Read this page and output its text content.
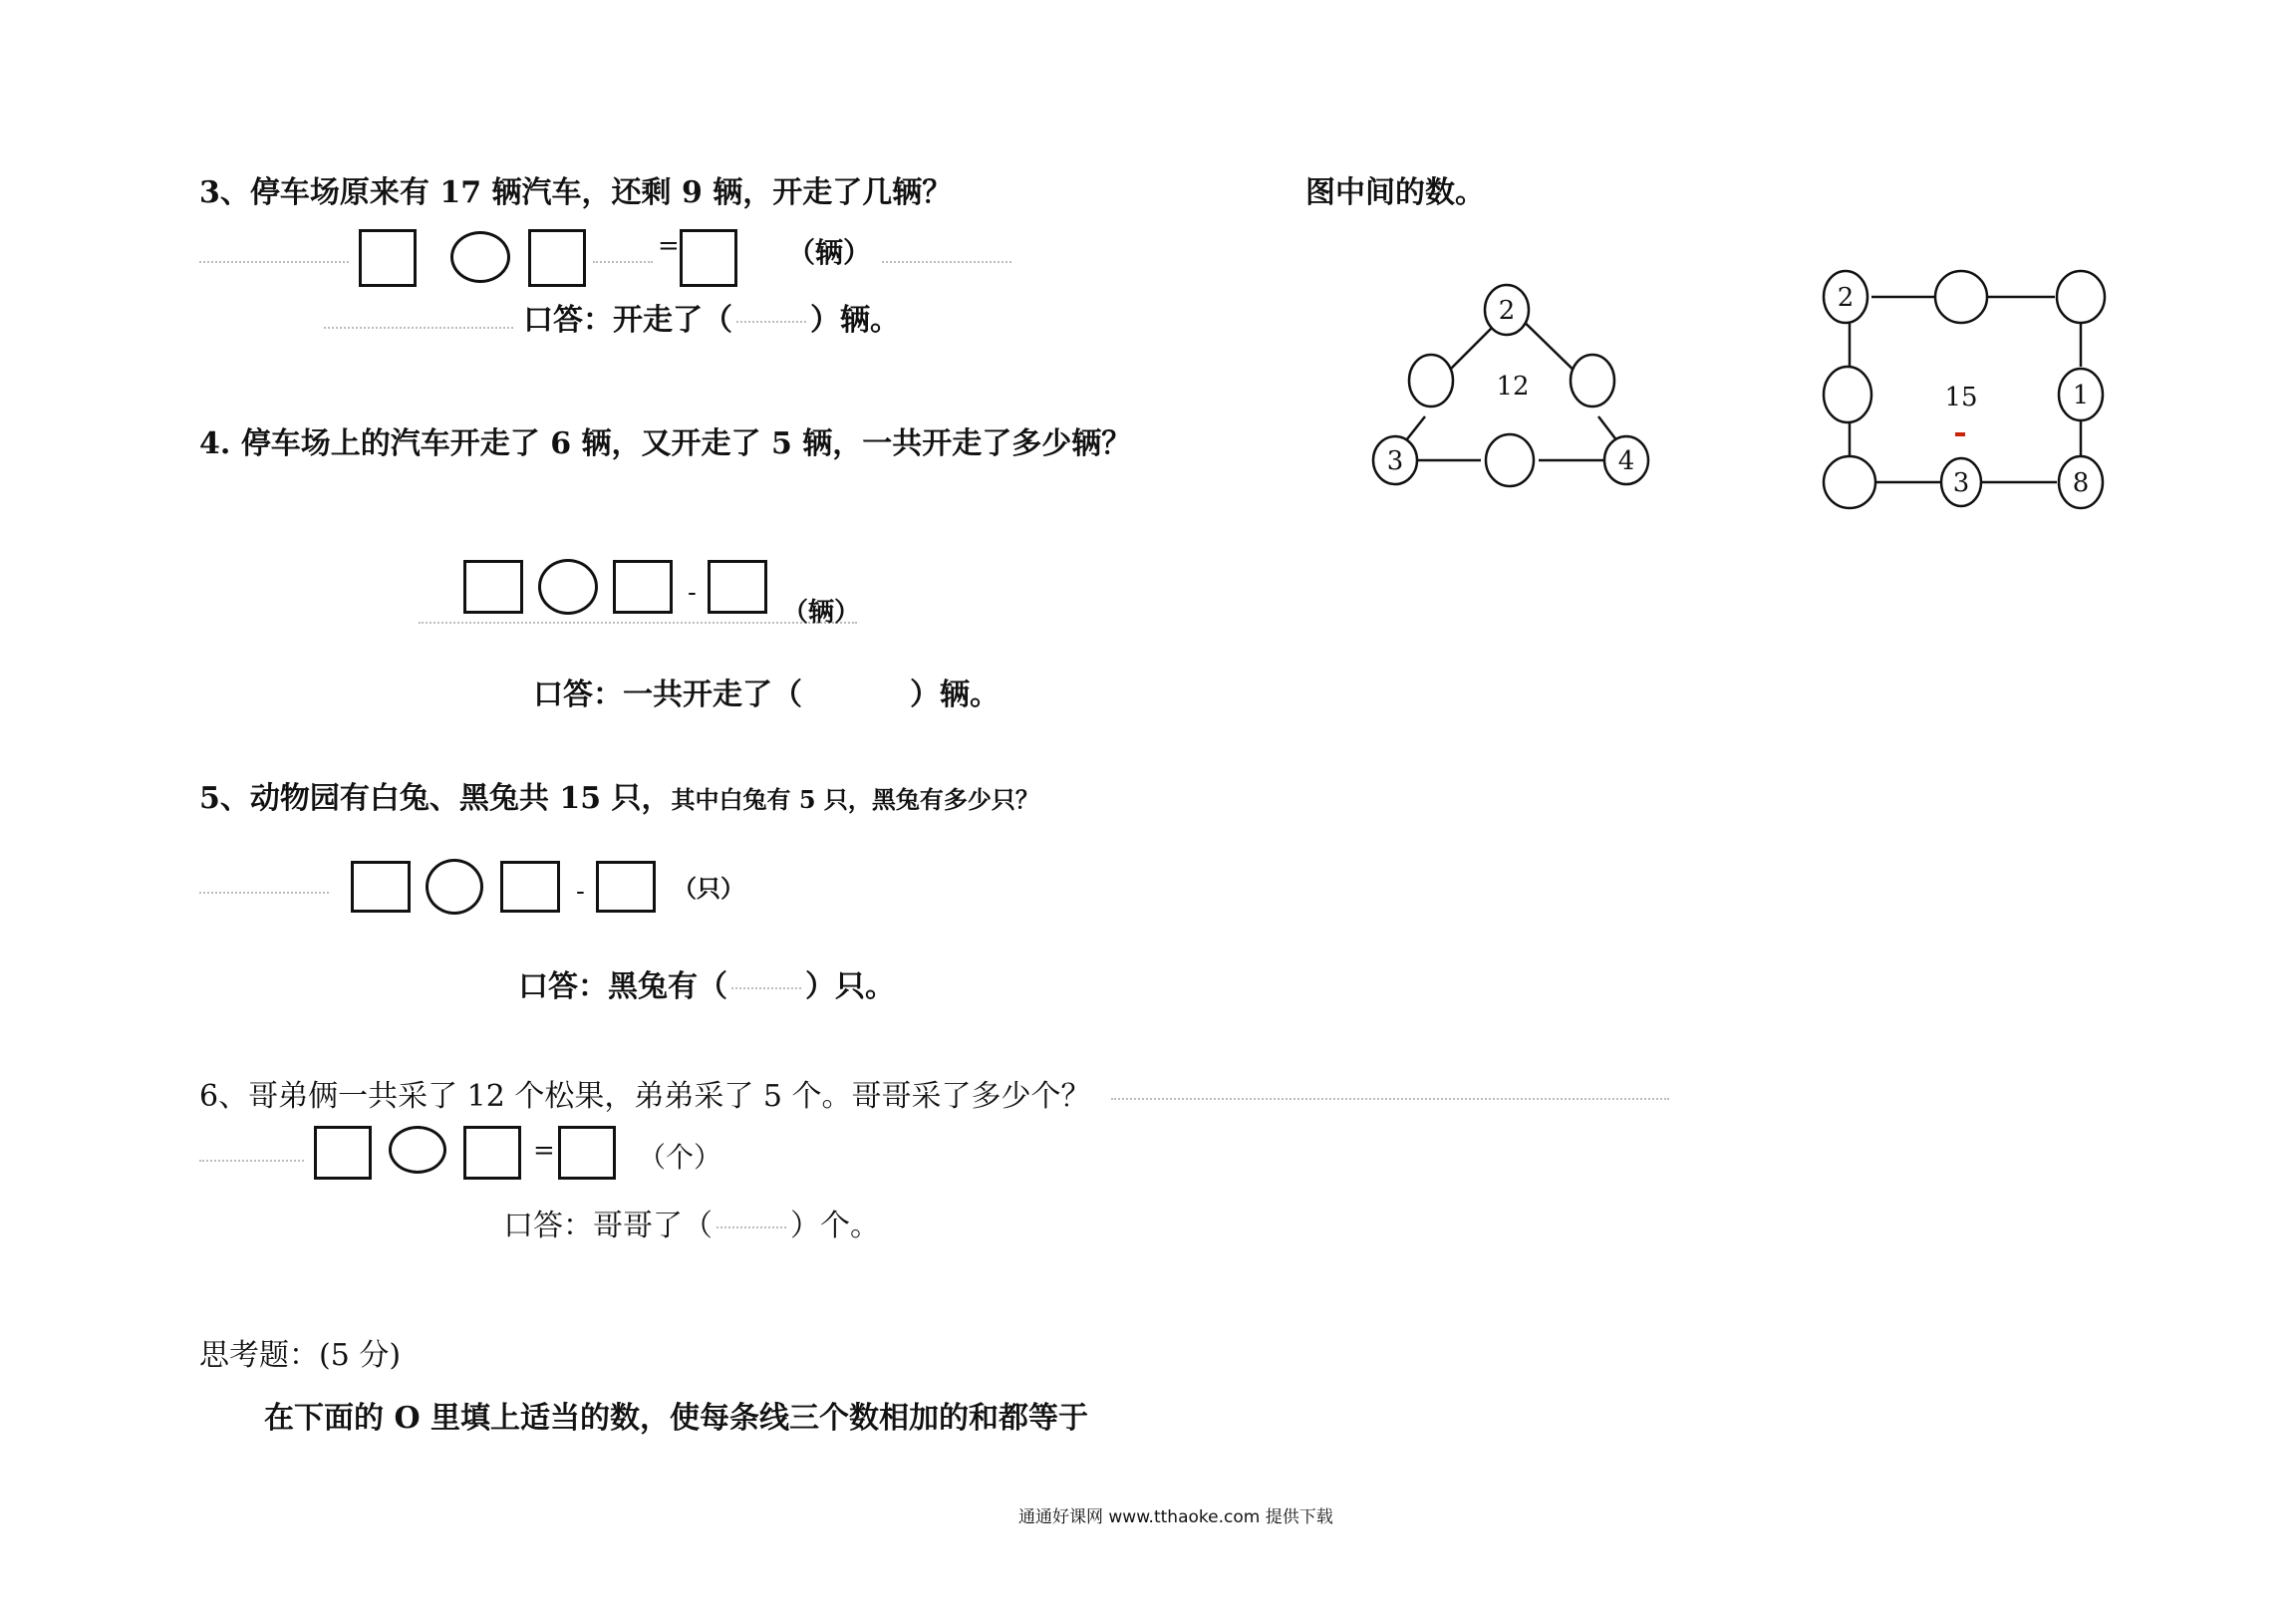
3、停车场原来有 17 辆汽车，还剩 9 辆，开走了几辆？
=	（辆）
口答：开走了（	）辆。
4. 停车场上的汽车开走了 6 辆，又开走了 5 辆，一共开走了多少辆？
-
（辆）
口答：一共开走了（	）辆。
5、动物园有白兔、黑兔共 15 只，其中白兔有 5 只，黑兔有多少只？
-	（只）
口答：黑兔有（	）只。
6、哥弟俩一共采了 12 个松果，弟弟采了 5 个。哥哥采了多少个？
=	（个）
口答：哥哥了（	）个。
思考题：(5 分)
在下面的 O 里填上适当的数，使每条线三个数相加的和都等于
图中间的数。
2
12
3	4
2
15	1
3	8
通通好课网 www.tthaoke.com 提供下载
